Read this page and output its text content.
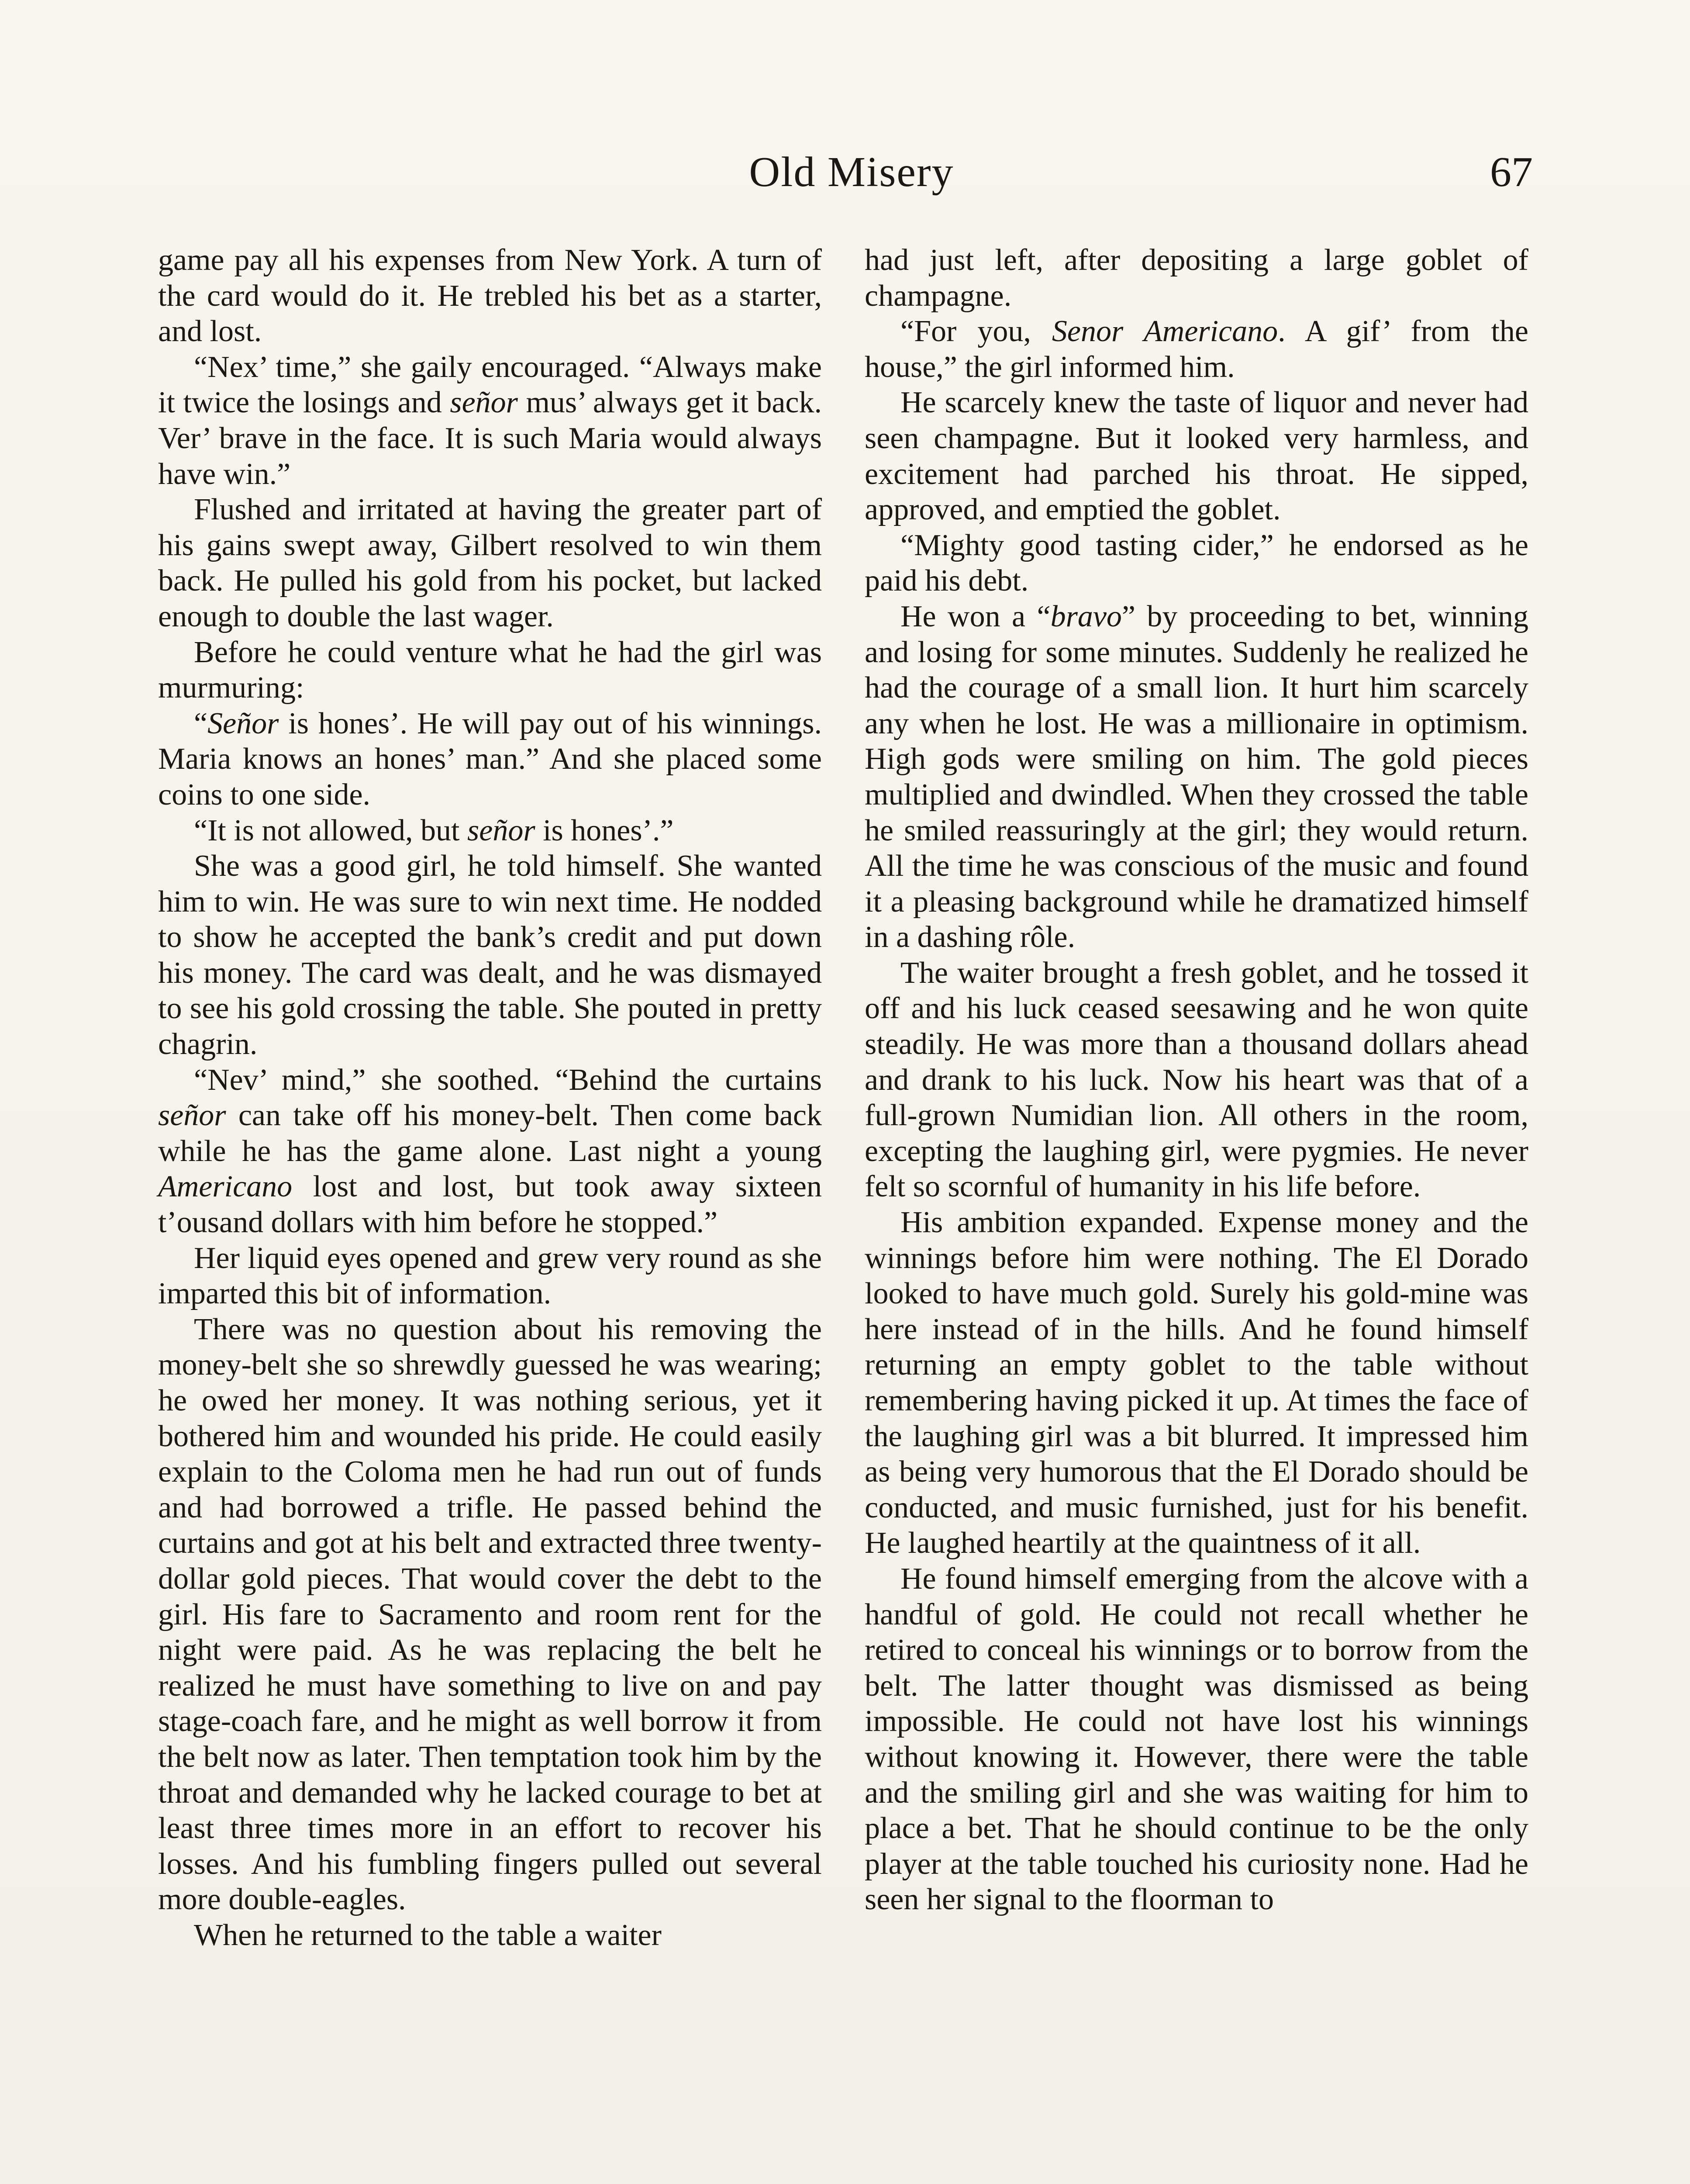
Old Misery	67

game pay all his expenses from New York. A turn of the card would do it. He trebled his bet as a starter, and lost.

“Nex’ time,” she gaily encouraged. “Always make it twice the losings and señor mus’ always get it back. Ver’ brave in the face. It is such Maria would always have win.”

Flushed and irritated at having the greater part of his gains swept away, Gilbert resolved to win them back. He pulled his gold from his pocket, but lacked enough to double the last wager.

Before he could venture what he had the girl was murmuring:

“Señor is hones’. He will pay out of his winnings. Maria knows an hones’ man.” And she placed some coins to one side.

“It is not allowed, but señor is hones’.”

She was a good girl, he told himself. She wanted him to win. He was sure to win next time. He nodded to show he accepted the bank’s credit and put down his money. The card was dealt, and he was dismayed to see his gold crossing the table. She pouted in pretty chagrin.

“Nev’ mind,” she soothed. “Behind the curtains señor can take off his money-belt. Then come back while he has the game alone. Last night a young Americano lost and lost, but took away sixteen t’ousand dollars with him before he stopped.”

Her liquid eyes opened and grew very round as she imparted this bit of information.

There was no question about his removing the money-belt she so shrewdly guessed he was wearing; he owed her money. It was nothing serious, yet it bothered him and wounded his pride. He could easily explain to the Coloma men he had run out of funds and had borrowed a trifle. He passed behind the curtains and got at his belt and extracted three twenty-dollar gold pieces. That would cover the debt to the girl. His fare to Sacramento and room rent for the night were paid. As he was replacing the belt he realized he must have something to live on and pay stage-coach fare, and he might as well borrow it from the belt now as later. Then temptation took him by the throat and demanded why he lacked courage to bet at least three times more in an effort to recover his losses. And his fumbling fingers pulled out several more double-eagles.

When he returned to the table a waiter

had just left, after depositing a large goblet of champagne.

“For you, Senor Americano. A gif’ from the house,” the girl informed him.

He scarcely knew the taste of liquor and never had seen champagne. But it looked very harmless, and excitement had parched his throat. He sipped, approved, and emptied the goblet.

“Mighty good tasting cider,” he endorsed as he paid his debt.

He won a “bravo” by proceeding to bet, winning and losing for some minutes. Suddenly he realized he had the courage of a small lion. It hurt him scarcely any when he lost. He was a millionaire in optimism. High gods were smiling on him. The gold pieces multiplied and dwindled. When they crossed the table he smiled reassuringly at the girl; they would return. All the time he was conscious of the music and found it a pleasing background while he dramatized himself in a dashing rôle.

The waiter brought a fresh goblet, and he tossed it off and his luck ceased seesawing and he won quite steadily. He was more than a thousand dollars ahead and drank to his luck. Now his heart was that of a full-grown Numidian lion. All others in the room, excepting the laughing girl, were pygmies. He never felt so scornful of humanity in his life before.

His ambition expanded. Expense money and the winnings before him were nothing. The El Dorado looked to have much gold. Surely his gold-mine was here instead of in the hills. And he found himself returning an empty goblet to the table without remembering having picked it up. At times the face of the laughing girl was a bit blurred. It impressed him as being very humorous that the El Dorado should be conducted, and music furnished, just for his benefit. He laughed heartily at the quaintness of it all.

He found himself emerging from the alcove with a handful of gold. He could not recall whether he retired to conceal his winnings or to borrow from the belt. The latter thought was dismissed as being impossible. He could not have lost his winnings without knowing it. However, there were the table and the smiling girl and she was waiting for him to place a bet. That he should continue to be the only player at the table touched his curiosity none. Had he seen her signal to the floorman to
